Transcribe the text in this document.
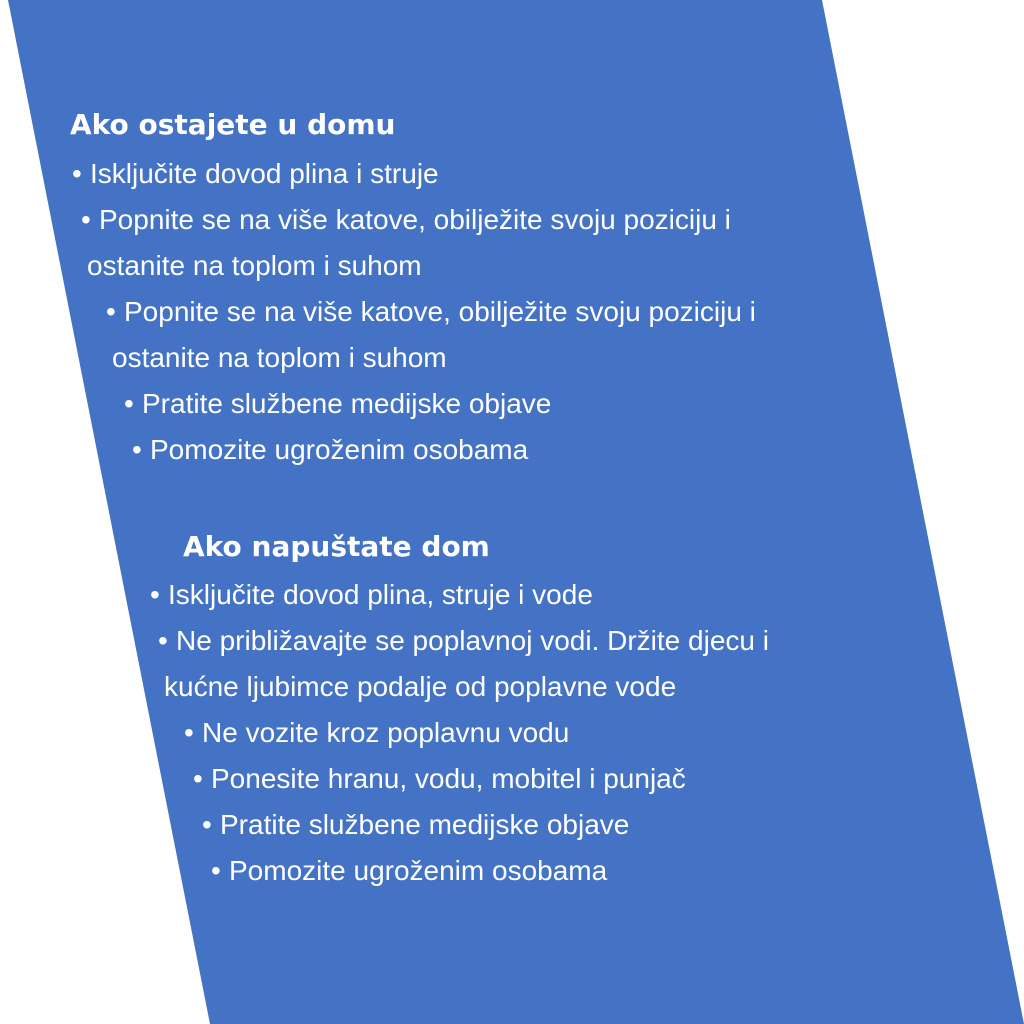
Ako ostajete u domu
• Isključite dovod plina i struje
• Popnite se na više katove, obilježite svoju poziciju i
ostanite na toplom i suhom
• Popnite se na više katove, obilježite svoju poziciju i
ostanite na toplom i suhom
• Pratite službene medijske objave
• Pomozite ugroženim osobama
Ako napuštate dom
• Isključite dovod plina, struje i vode
• Ne približavajte se poplavnoj vodi. Držite djecu i
kućne ljubimce podalje od poplavne vode
• Ne vozite kroz poplavnu vodu
• Ponesite hranu, vodu, mobitel i punjač
• Pratite službene medijske objave
• Pomozite ugroženim osobama
